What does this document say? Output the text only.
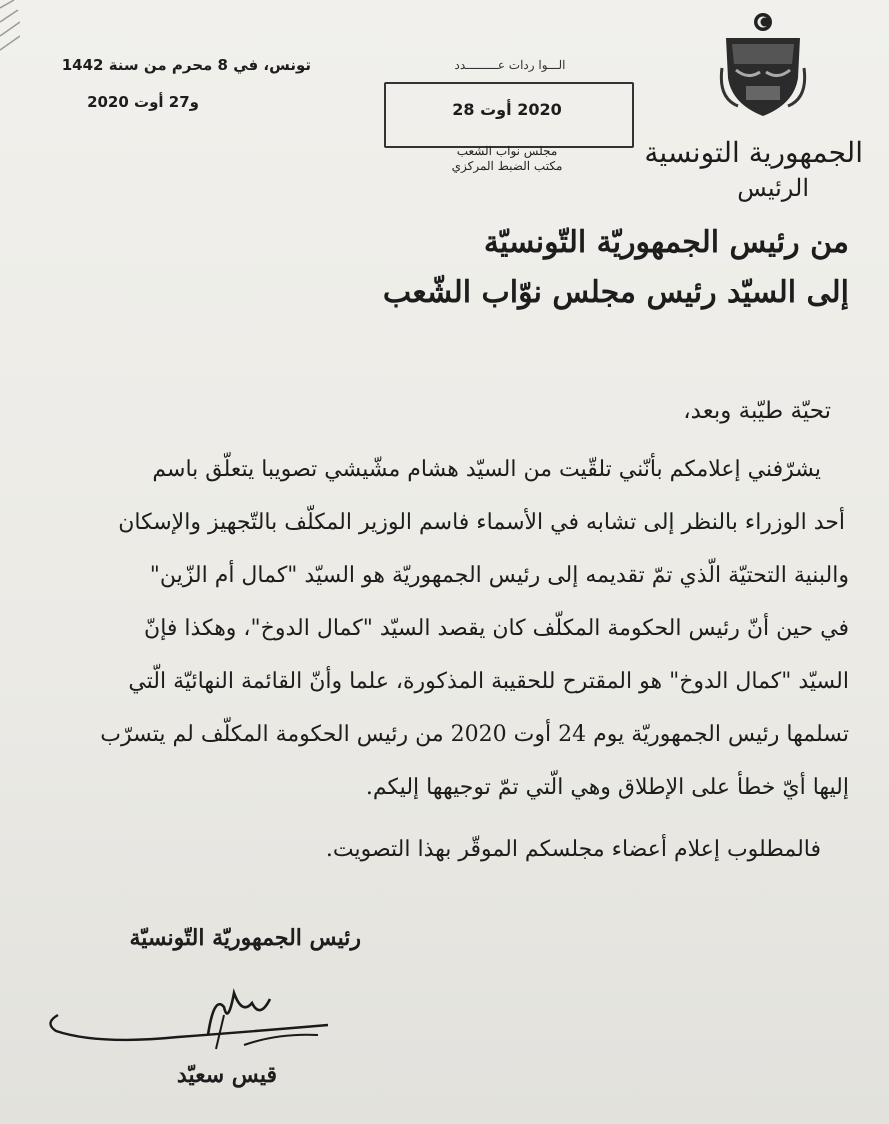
تونس، في 8 محرم من سنة 1442
و27 أوت 2020
الـــوا ردات عـــــــــدد
2020 أوت 28
مجلس نواب الشعب
مكتب الضبط المركزي	الجمهورية التونسية
الرئيس
من رئيس الجمهوريّة التّونسيّة
إلى السيّد رئيس مجلس نوّاب الشّعب
تحيّة طيّبة وبعد،
يشرّفني إعلامكم بأنّني تلقّيت من السيّد هشام مشّيشي تصويبا يتعلّق باسم
أحد الوزراء بالنظر إلى تشابه في الأسماء فاسم الوزير المكلّف بالتّجهيز والإسكان
والبنية التحتيّة الّذي تمّ تقديمه إلى رئيس الجمهوريّة هو السيّد "كمال أم الزّين"
في حين أنّ رئيس الحكومة المكلّف كان يقصد السيّد "كمال الدوخ"، وهكذا فإنّ
السيّد "كمال الدوخ" هو المقترح للحقيبة المذكورة، علما وأنّ القائمة النهائيّة الّتي
تسلمها رئيس الجمهوريّة يوم 24 أوت 2020 من رئيس الحكومة المكلّف لم يتسرّب
إليها أيّ خطأ على الإطلاق وهي الّتي تمّ توجيهها إليكم.
فالمطلوب إعلام أعضاء مجلسكم الموقّر بهذا التصويت.
رئيس الجمهوريّة التّونسيّة
قيس سعيّد
